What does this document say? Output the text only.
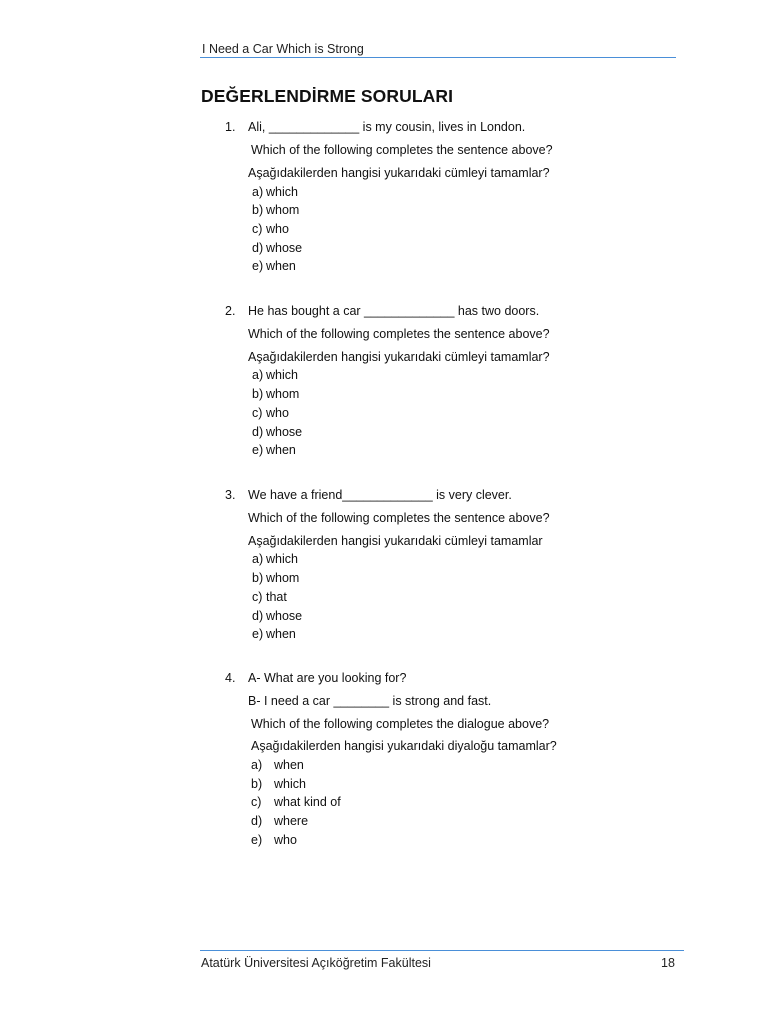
I Need a Car Which is Strong
DEĞERLENDİRME SORULARI
1. Ali, _____________ is my cousin, lives in London.
Which of the following completes the sentence above?
Aşağıdakilerden hangisi yukarıdaki cümleyi tamamlar?
a) which
b) whom
c) who
d) whose
e) when
2. He has bought a car _____________ has two doors.
Which of the following completes the sentence above?
Aşağıdakilerden hangisi yukarıdaki cümleyi tamamlar?
a) which
b) whom
c) who
d) whose
e) when
3. We have a friend_____________ is very clever.
Which of the following completes the sentence above?
Aşağıdakilerden hangisi yukarıdaki cümleyi tamamlar
a) which
b) whom
c) that
d) whose
e) when
4. A- What are you looking for?
B- I need a car ________ is strong and fast.
Which of the following completes the dialogue above?
Aşağıdakilerden hangisi yukarıdaki diyaloğu tamamlar?
a) when
b) which
c) what kind of
d) where
e) who
Atatürk Üniversitesi Açıköğretim Fakültesi	18
